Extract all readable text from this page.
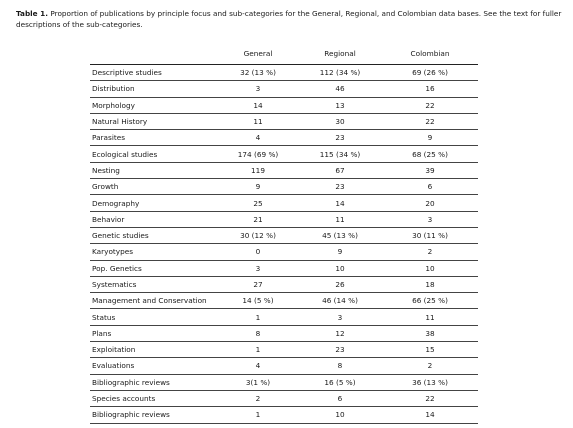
Table 1. Proportion of publications by principle focus and sub-categories for the General, Regional, and Colombian data bases. See the text for fuller descriptions of the sub-categories.
	General	Regional	Colombian
Descriptive studies	32 (13 %)	112 (34 %)	69 (26 %)
Distribution	3	46	16
Morphology	14	13	22
Natural History	11	30	22
Parasites	4	23	9
Ecological studies	174 (69 %)	115 (34 %)	68 (25 %)
Nesting	119	67	39
Growth	9	23	6
Demography	25	14	20
Behavior	21	11	3
Genetic studies	30 (12 %)	45 (13 %)	30 (11 %)
Karyotypes	0	9	2
Pop. Genetics	3	10	10
Systematics	27	26	18
Management and Conservation	14 (5 %)	46 (14 %)	66 (25 %)
Status	1	3	11
Plans	8	12	38
Exploitation	1	23	15
Evaluations	4	8	2
Bibliographic reviews	3(1 %)	16 (5 %)	36 (13 %)
Species accounts	2	6	22
Bibliographic reviews	1	10	14
